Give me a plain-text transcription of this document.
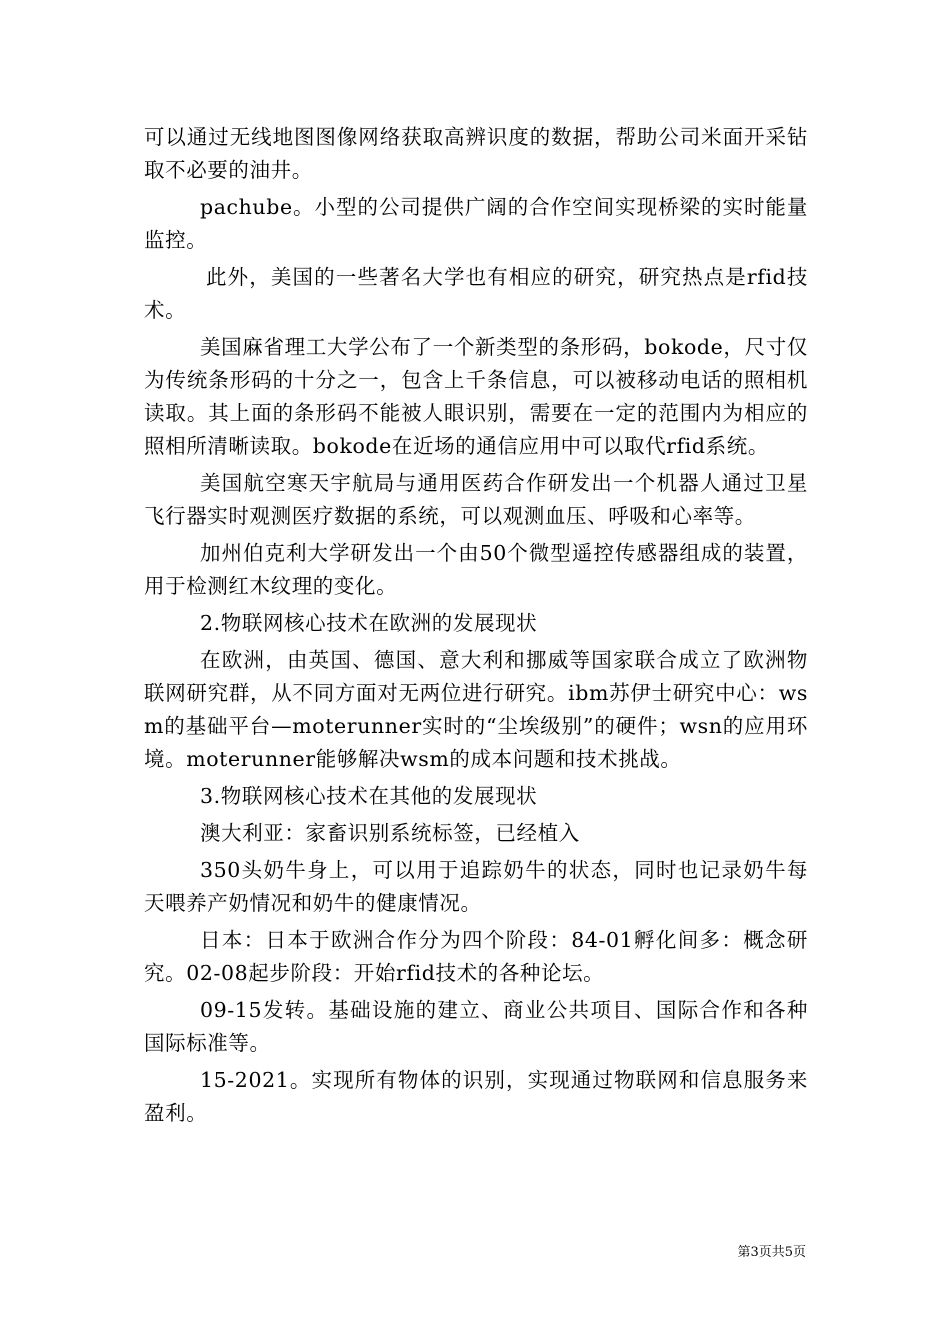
可以通过无线地图图像网络获取高辨识度的数据，帮助公司米面开采钻取不必要的油井。

pachube。小型的公司提供广阔的合作空间实现桥梁的实时能量监控。

此外，美国的一些著名大学也有相应的研究，研究热点是rfid技术。

美国麻省理工大学公布了一个新类型的条形码，bokode，尺寸仅为传统条形码的十分之一，包含上千条信息，可以被移动电话的照相机读取。其上面的条形码不能被人眼识别，需要在一定的范围内为相应的照相所清晰读取。bokode在近场的通信应用中可以取代rfid系统。

美国航空寒天宇航局与通用医药合作研发出一个机器人通过卫星飞行器实时观测医疗数据的系统，可以观测血压、呼吸和心率等。

加州伯克利大学研发出一个由50个微型遥控传感器组成的装置，用于检测红木纹理的变化。

2.物联网核心技术在欧洲的发展现状

在欧洲，由英国、德国、意大利和挪威等国家联合成立了欧洲物联网研究群，从不同方面对无两位进行研究。ibm苏伊士研究中心：wsm的基础平台—moterunner实时的“尘埃级别”的硬件；wsn的应用环境。moterunner能够解决wsm的成本问题和技术挑战。

3.物联网核心技术在其他的发展现状

澳大利亚：家畜识别系统标签，已经植入

350头奶牛身上，可以用于追踪奶牛的状态，同时也记录奶牛每天喂养产奶情况和奶牛的健康情况。

日本：日本于欧洲合作分为四个阶段：84-01孵化间多：概念研究。02-08起步阶段：开始rfid技术的各种论坛。

09-15发转。基础设施的建立、商业公共项目、国际合作和各种国际标准等。

15-2021。实现所有物体的识别，实现通过物联网和信息服务来盈利。

第3页共5页
